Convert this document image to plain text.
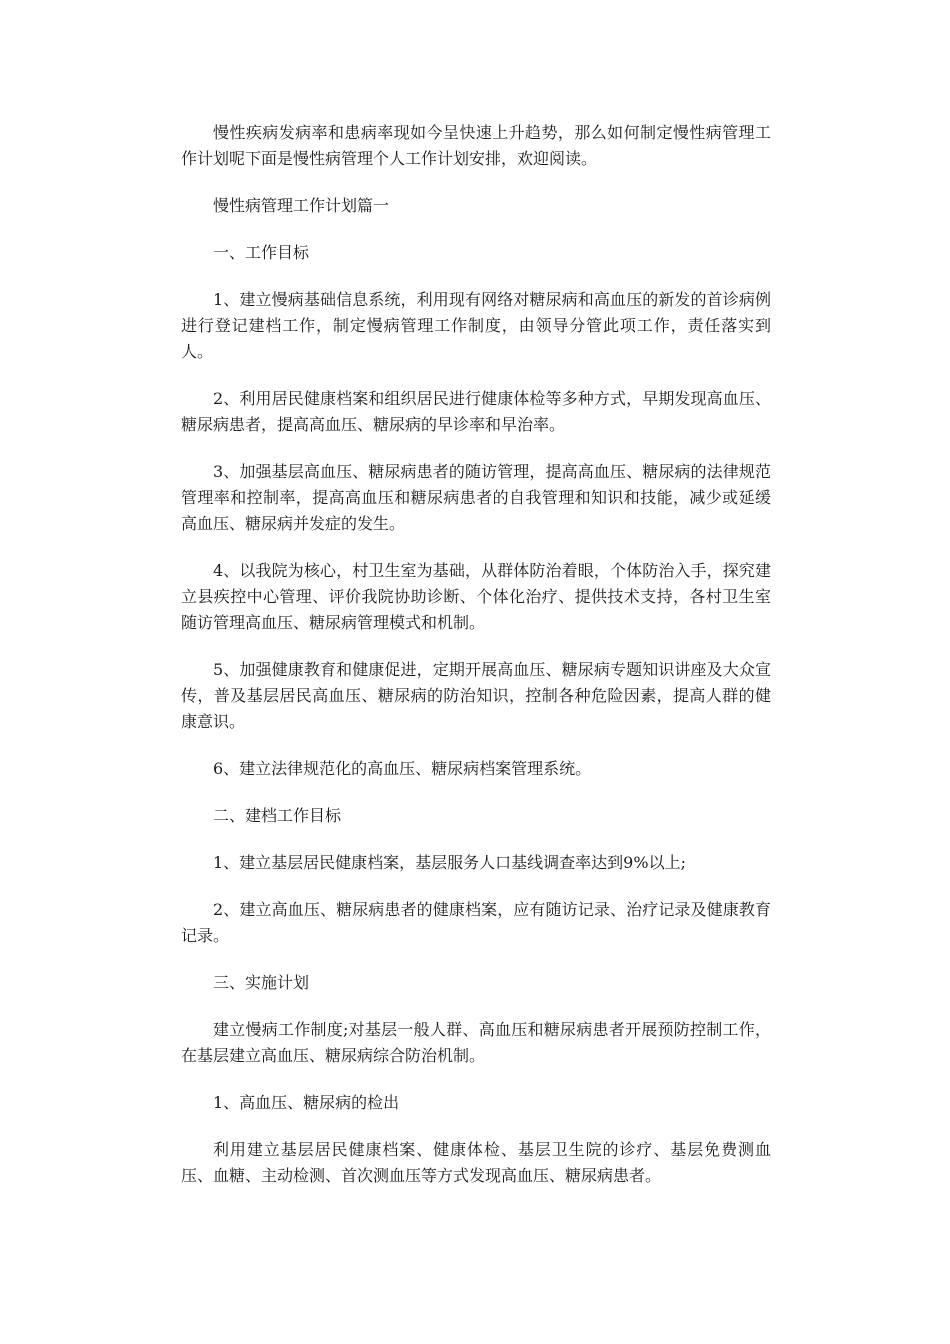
慢性疾病发病率和患病率现如今呈快速上升趋势，那么如何制定慢性病管理工作计划呢下面是慢性病管理个人工作计划安排，欢迎阅读。

慢性病管理工作计划篇一

一、工作目标

1、建立慢病基础信息系统，利用现有网络对糖尿病和高血压的新发的首诊病例进行登记建档工作，制定慢病管理工作制度，由领导分管此项工作，责任落实到人。

2、利用居民健康档案和组织居民进行健康体检等多种方式，早期发现高血压、糖尿病患者，提高高血压、糖尿病的早诊率和早治率。

3、加强基层高血压、糖尿病患者的随访管理，提高高血压、糖尿病的法律规范管理率和控制率，提高高血压和糖尿病患者的自我管理和知识和技能，减少或延缓高血压、糖尿病并发症的发生。

4、以我院为核心，村卫生室为基础，从群体防治着眼，个体防治入手，探究建立县疾控中心管理、评价我院协助诊断、个体化治疗、提供技术支持，各村卫生室随访管理高血压、糖尿病管理模式和机制。

5、加强健康教育和健康促进，定期开展高血压、糖尿病专题知识讲座及大众宣传，普及基层居民高血压、糖尿病的防治知识，控制各种危险因素，提高人群的健康意识。

6、建立法律规范化的高血压、糖尿病档案管理系统。

二、建档工作目标

1、建立基层居民健康档案，基层服务人口基线调查率达到9%以上;

2、建立高血压、糖尿病患者的健康档案，应有随访记录、治疗记录及健康教育记录。

三、实施计划

建立慢病工作制度;对基层一般人群、高血压和糖尿病患者开展预防控制工作，在基层建立高血压、糖尿病综合防治机制。

1、高血压、糖尿病的检出

利用建立基层居民健康档案、健康体检、基层卫生院的诊疗、基层免费测血压、血糖、主动检测、首次测血压等方式发现高血压、糖尿病患者。
